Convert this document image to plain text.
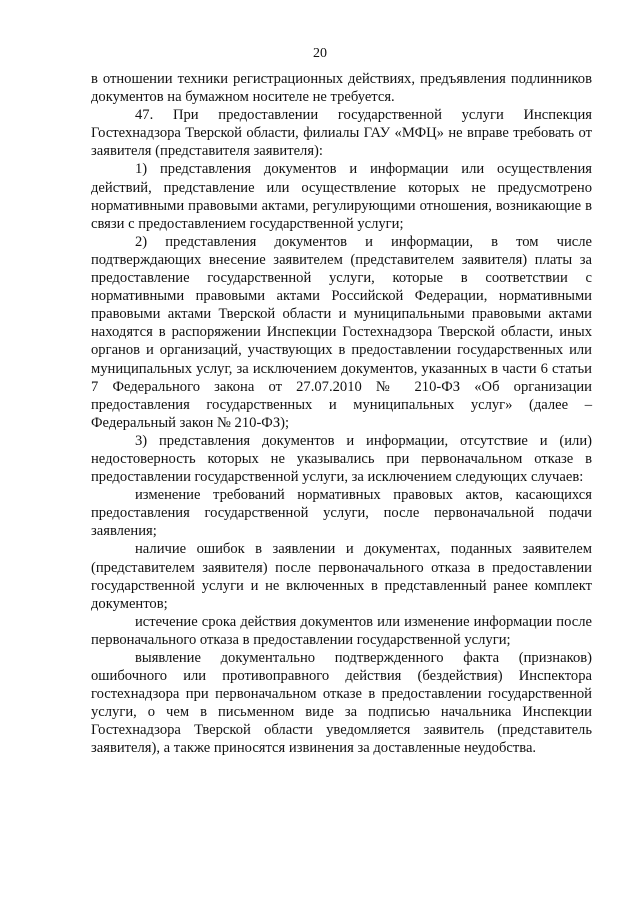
20

в отношении техники регистрационных действиях, предъявления подлинников документов на бумажном носителе не требуется.

47. При предоставлении государственной услуги Инспекция Гостехнадзора Тверской области, филиалы ГАУ «МФЦ» не вправе требовать от заявителя (представителя заявителя):

1) представления документов и информации или осуществления действий, представление или осуществление которых не предусмотрено нормативными правовыми актами, регулирующими отношения, возникающие в связи с предоставлением государственной услуги;

2) представления документов и информации, в том числе подтверждающих внесение заявителем (представителем заявителя) платы за предоставление государственной услуги, которые в соответствии с нормативными правовыми актами Российской Федерации, нормативными правовыми актами Тверской области и муниципальными правовыми актами находятся в распоряжении Инспекции Гостехнадзора Тверской области, иных органов и организаций, участвующих в предоставлении государственных или муниципальных услуг, за исключением документов, указанных в части 6 статьи 7 Федерального закона от 27.07.2010 № 210-ФЗ «Об организации предоставления государственных и муниципальных услуг» (далее – Федеральный закон № 210-ФЗ);

3) представления документов и информации, отсутствие и (или) недостоверность которых не указывались при первоначальном отказе в предоставлении государственной услуги, за исключением следующих случаев:

изменение требований нормативных правовых актов, касающихся предоставления государственной услуги, после первоначальной подачи заявления;

наличие ошибок в заявлении и документах, поданных заявителем (представителем заявителя) после первоначального отказа в предоставлении государственной услуги и не включенных в представленный ранее комплект документов;

истечение срока действия документов или изменение информации после первоначального отказа в предоставлении государственной услуги;

выявление документально подтвержденного факта (признаков) ошибочного или противоправного действия (бездействия) Инспектора гостехнадзора при первоначальном отказе в предоставлении государственной услуги, о чем в письменном виде за подписью начальника Инспекции Гостехнадзора Тверской области уведомляется заявитель (представитель заявителя), а также приносятся извинения за доставленные неудобства.
